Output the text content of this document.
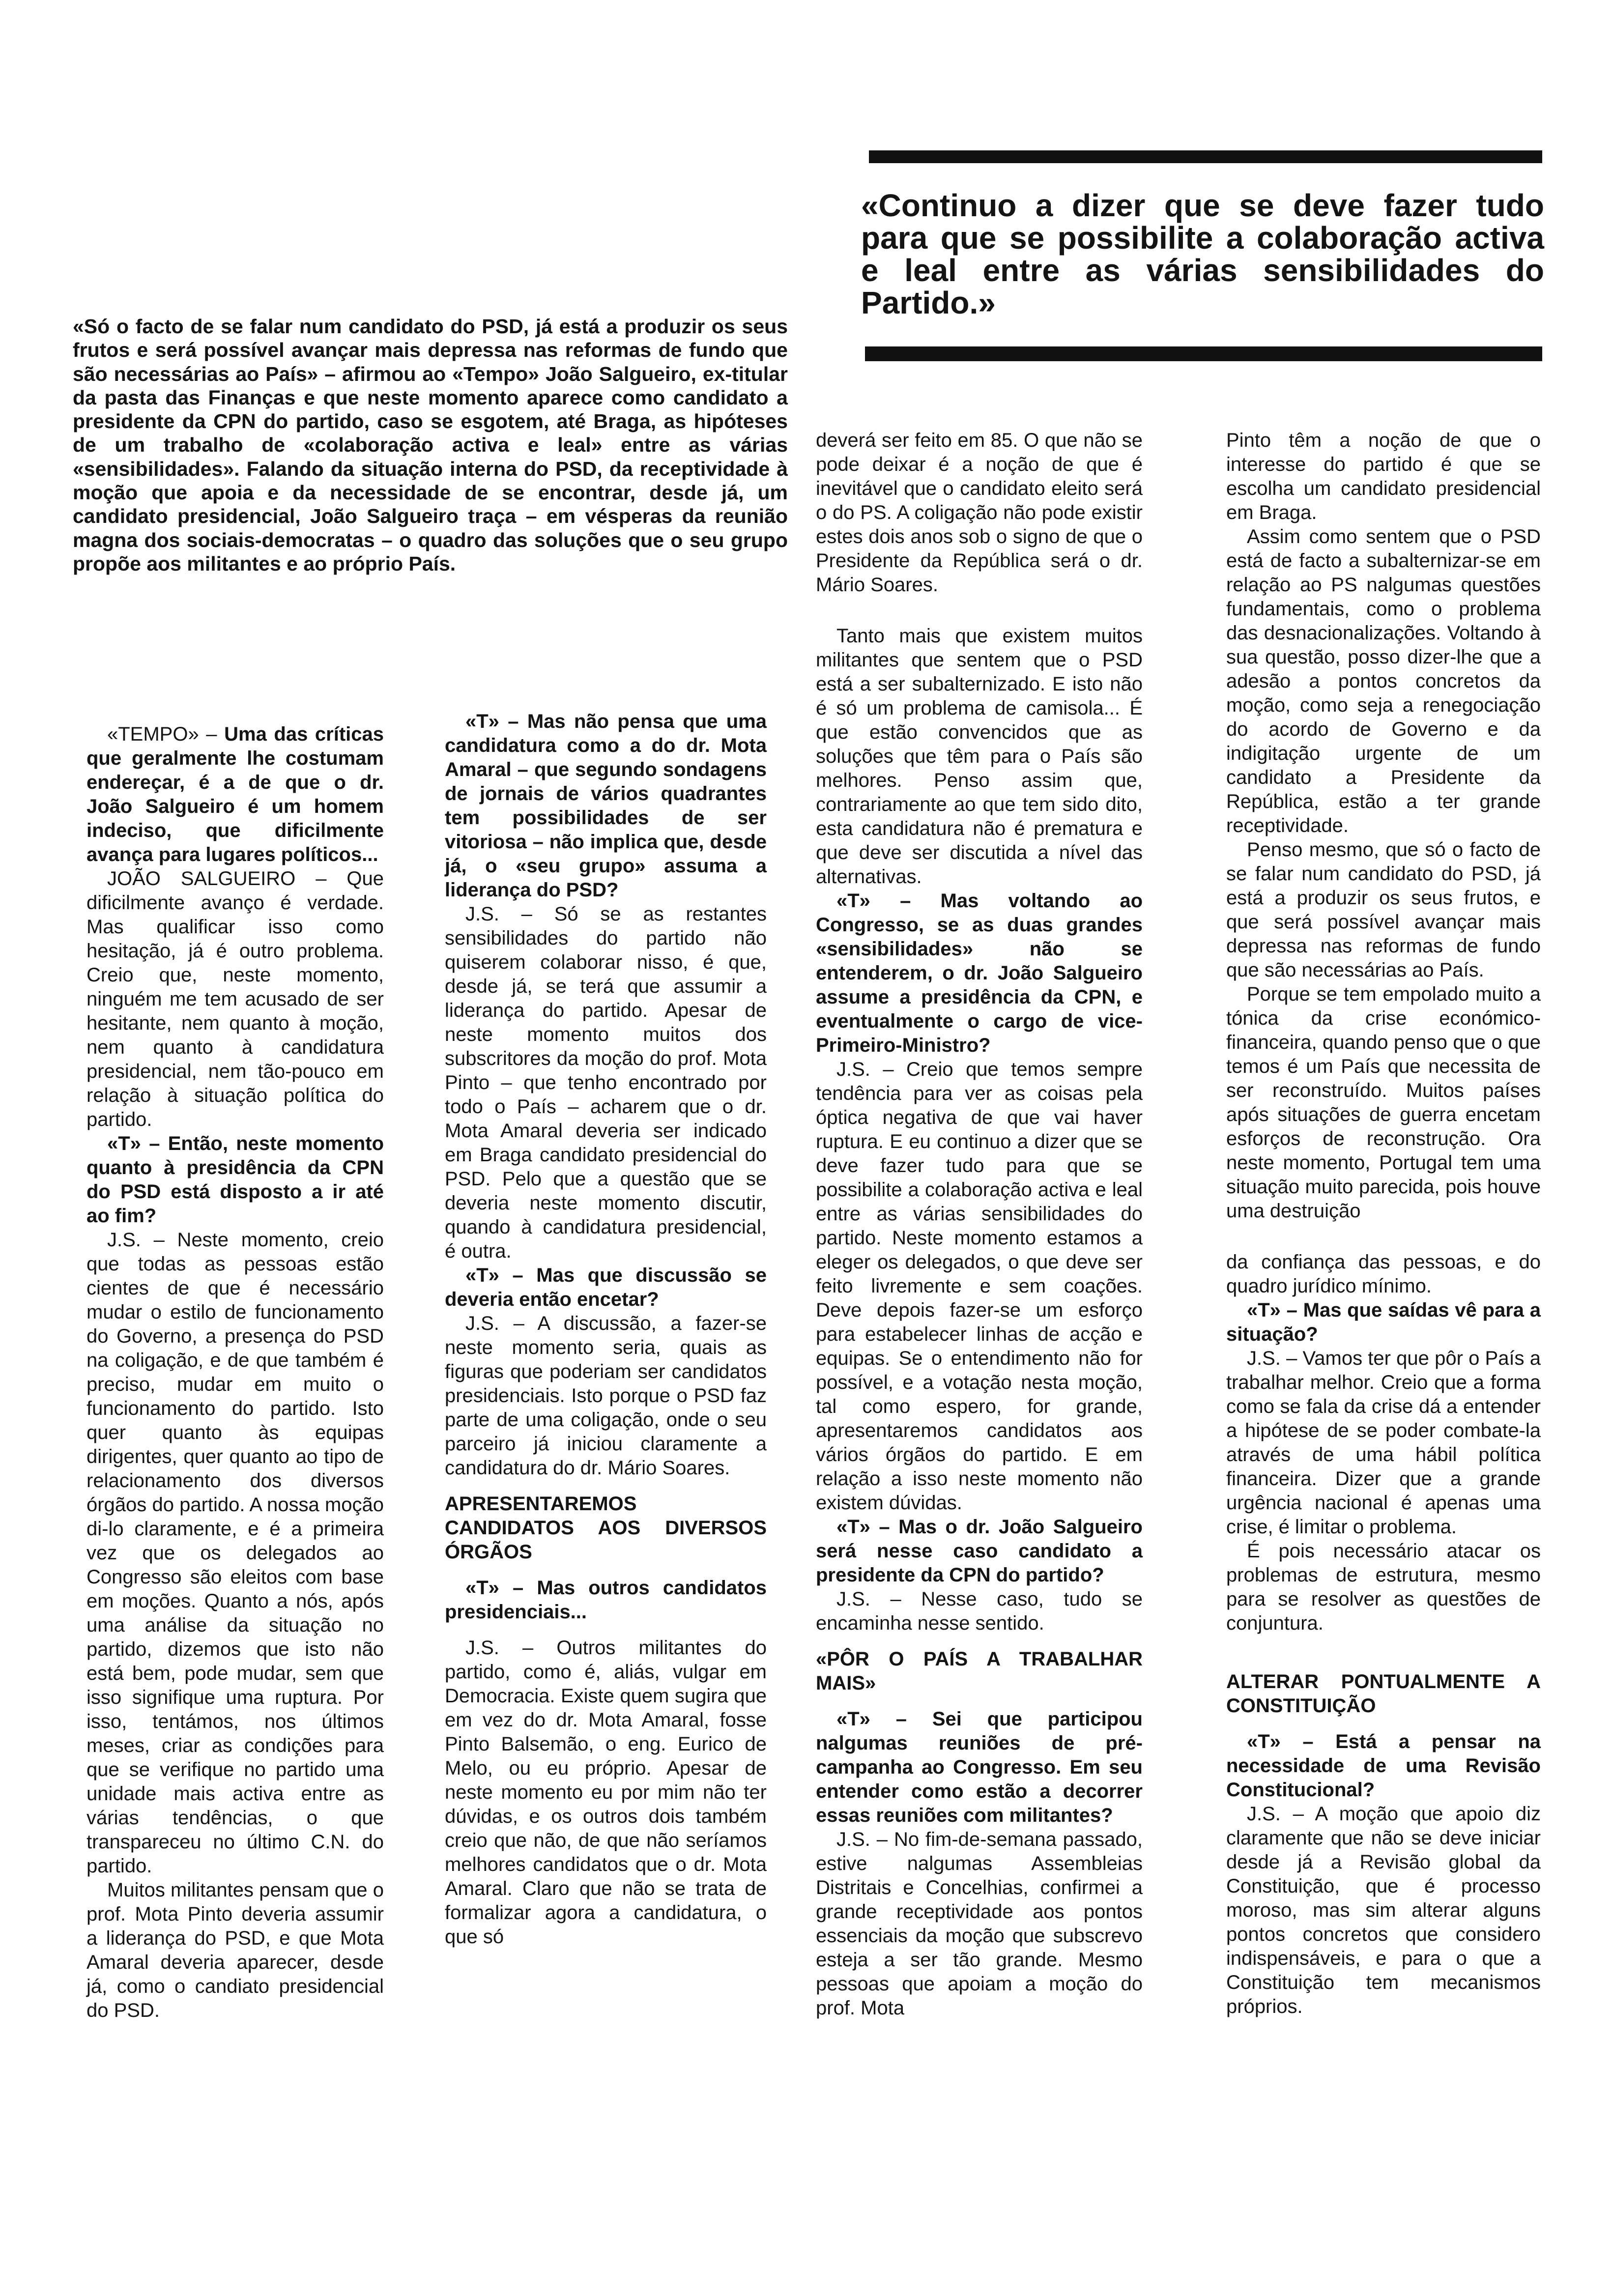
«Continuo a dizer que se deve fazer tudo para que se possibilite a colaboração activa e leal entre as várias sensibilidades do Partido.»

«Só o facto de se falar num candidato do PSD, já está a produzir os seus frutos e será possível avançar mais depressa nas reformas de fundo que são necessárias ao País» – afirmou ao «Tempo» João Salgueiro, ex-titular da pasta das Finanças e que neste momento aparece como candidato a presidente da CPN do partido, caso se esgotem, até Braga, as hipóteses de um trabalho de «colaboração activa e leal» entre as várias «sensibilidades». Falando da situação interna do PSD, da receptividade à moção que apoia e da necessidade de se encontrar, desde já, um candidato presidencial, João Salgueiro traça – em vésperas da reunião magna dos sociais-democratas – o quadro das soluções que o seu grupo propõe aos militantes e ao próprio País.

«TEMPO» – Uma das críticas que geralmente lhe costumam endereçar, é a de que o dr. João Salgueiro é um homem indeciso, que dificilmente avança para lugares políticos...

JOÃO SALGUEIRO – Que dificilmente avanço é verdade. Mas qualificar isso como hesitação, já é outro problema. Creio que, neste momento, ninguém me tem acusado de ser hesitante, nem quanto à moção, nem quanto à candidatura presidencial, nem tão-pouco em relação à situação política do partido.

«T» – Então, neste momento quanto à presidência da CPN do PSD está disposto a ir até ao fim?

J.S. – Neste momento, creio que todas as pessoas estão cientes de que é necessário mudar o estilo de funcionamento do Governo, a presença do PSD na coligação, e de que também é preciso, mudar em muito o funcionamento do partido. Isto quer quanto às equipas dirigentes, quer quanto ao tipo de relacionamento dos diversos órgãos do partido. A nossa moção di-lo claramente, e é a primeira vez que os delegados ao Congresso são eleitos com base em moções. Quanto a nós, após uma análise da situação no partido, dizemos que isto não está bem, pode mudar, sem que isso signifique uma ruptura. Por isso, tentámos, nos últimos meses, criar as condições para que se verifique no partido uma unidade mais activa entre as várias tendências, o que transpareceu no último C.N. do partido.

Muitos militantes pensam que o prof. Mota Pinto deveria assumir a liderança do PSD, e que Mota Amaral deveria aparecer, desde já, como o candiato presidencial do PSD.

«T» – Mas não pensa que uma candidatura como a do dr. Mota Amaral – que segundo sondagens de jornais de vários quadrantes tem possibilidades de ser vitoriosa – não implica que, desde já, o «seu grupo» assuma a liderança do PSD?

J.S. – Só se as restantes sensibilidades do partido não quiserem colaborar nisso, é que, desde já, se terá que assumir a liderança do partido. Apesar de neste momento muitos dos subscritores da moção do prof. Mota Pinto – que tenho encontrado por todo o País – acharem que o dr. Mota Amaral deveria ser indicado em Braga candidato presidencial do PSD. Pelo que a questão que se deveria neste momento discutir, quando à candidatura presidencial, é outra.

«T» – Mas que discussão se deveria então encetar?

J.S. – A discussão, a fazer-se neste momento seria, quais as figuras que poderiam ser candidatos presidenciais. Isto porque o PSD faz parte de uma coligação, onde o seu parceiro já iniciou claramente a candidatura do dr. Mário Soares.

APRESENTAREMOS CANDIDATOS AOS DIVERSOS ÓRGÃOS

«T» – Mas outros candidatos presidenciais...

J.S. – Outros militantes do partido, como é, aliás, vulgar em Democracia. Existe quem sugira que em vez do dr. Mota Amaral, fosse Pinto Balsemão, o eng. Eurico de Melo, ou eu próprio. Apesar de neste momento eu por mim não ter dúvidas, e os outros dois também creio que não, de que não seríamos melhores candidatos que o dr. Mota Amaral. Claro que não se trata de formalizar agora a candidatura, o que só

deverá ser feito em 85. O que não se pode deixar é a noção de que é inevitável que o candidato eleito será o do PS. A coligação não pode existir estes dois anos sob o signo de que o Presidente da República será o dr. Mário Soares.

Tanto mais que existem muitos militantes que sentem que o PSD está a ser subalternizado. E isto não é só um problema de camisola... É que estão convencidos que as soluções que têm para o País são melhores. Penso assim que, contrariamente ao que tem sido dito, esta candidatura não é prematura e que deve ser discutida a nível das alternativas.

«T» – Mas voltando ao Congresso, se as duas grandes «sensibilidades» não se entenderem, o dr. João Salgueiro assume a presidência da CPN, e eventualmente o cargo de vice-Primeiro-Ministro?

J.S. – Creio que temos sempre tendência para ver as coisas pela óptica negativa de que vai haver ruptura. E eu continuo a dizer que se deve fazer tudo para que se possibilite a colaboração activa e leal entre as várias sensibilidades do partido. Neste momento estamos a eleger os delegados, o que deve ser feito livremente e sem coações. Deve depois fazer-se um esforço para estabelecer linhas de acção e equipas. Se o entendimento não for possível, e a votação nesta moção, tal como espero, for grande, apresentaremos candidatos aos vários órgãos do partido. E em relação a isso neste momento não existem dúvidas.

«T» – Mas o dr. João Salgueiro será nesse caso candidato a presidente da CPN do partido?

J.S. – Nesse caso, tudo se encaminha nesse sentido.

«PÔR O PAÍS A TRABALHAR MAIS»

«T» – Sei que participou nalgumas reuniões de pré-campanha ao Congresso. Em seu entender como estão a decorrer essas reuniões com militantes?

J.S. – No fim-de-semana passado, estive nalgumas Assembleias Distritais e Concelhias, confirmei a grande receptividade aos pontos essenciais da moção que subscrevo esteja a ser tão grande. Mesmo pessoas que apoiam a moção do prof. Mota

Pinto têm a noção de que o interesse do partido é que se escolha um candidato presidencial em Braga.

Assim como sentem que o PSD está de facto a subalternizar-se em relação ao PS nalgumas questões fundamentais, como o problema das desnacionalizações. Voltando à sua questão, posso dizer-lhe que a adesão a pontos concretos da moção, como seja a renegociação do acordo de Governo e da indigitação urgente de um candidato a Presidente da República, estão a ter grande receptividade.

Penso mesmo, que só o facto de se falar num candidato do PSD, já está a produzir os seus frutos, e que será possível avançar mais depressa nas reformas de fundo que são necessárias ao País.

Porque se tem empolado muito a tónica da crise económico-financeira, quando penso que o que temos é um País que necessita de ser reconstruído. Muitos países após situações de guerra encetam esforços de reconstrução. Ora neste momento, Portugal tem uma situação muito parecida, pois houve uma destruição

da confiança das pessoas, e do quadro jurídico mínimo.

«T» – Mas que saídas vê para a situação?

J.S. – Vamos ter que pôr o País a trabalhar melhor. Creio que a forma como se fala da crise dá a entender a hipótese de se poder combate-la através de uma hábil política financeira. Dizer que a grande urgência nacional é apenas uma crise, é limitar o problema.

É pois necessário atacar os problemas de estrutura, mesmo para se resolver as questões de conjuntura.

ALTERAR PONTUALMENTE A CONSTITUIÇÃO

«T» – Está a pensar na necessidade de uma Revisão Constitucional?

J.S. – A moção que apoio diz claramente que não se deve iniciar desde já a Revisão global da Constituição, que é processo moroso, mas sim alterar alguns pontos concretos que considero indispensáveis, e para o que a Constituição tem mecanismos próprios.
